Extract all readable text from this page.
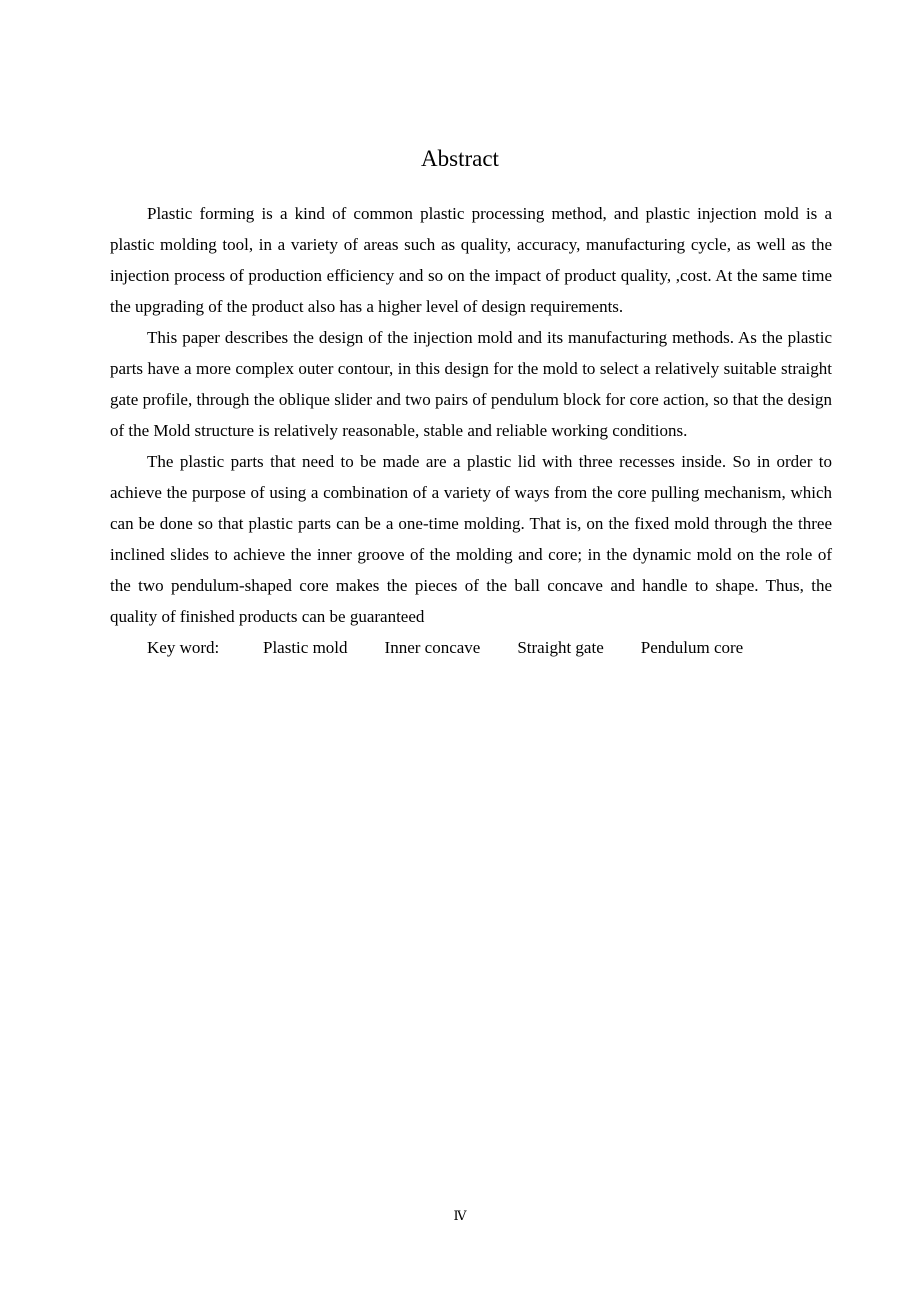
Abstract

Plastic forming is a kind of common plastic processing method, and plastic injection mold is a plastic molding tool, in a variety of areas such as quality, accuracy, manufacturing cycle, as well as the injection process of production efficiency and so on the impact of product quality, ,cost. At the same time the upgrading of the product also has a higher level of design requirements.

This paper describes the design of the injection mold and its manufacturing methods. As the plastic parts have a more complex outer contour, in this design for the mold to select a relatively suitable straight gate profile, through the oblique slider and two pairs of pendulum block for core action, so that the design of the Mold structure is relatively reasonable, stable and reliable working conditions.

The plastic parts that need to be made are a plastic lid with three recesses inside. So in order to achieve the purpose of using a combination of a variety of ways from the core pulling mechanism, which can be done so that plastic parts can be a one-time molding. That is, on the fixed mold through the three inclined slides to achieve the inner groove of the molding and core; in the dynamic mold on the role of the two pendulum-shaped core makes the pieces of the ball concave and handle to shape. Thus, the quality of finished products can be guaranteed

Key word:	Plastic mold Inner concave Straight gate Pendulum core
Ⅳ
